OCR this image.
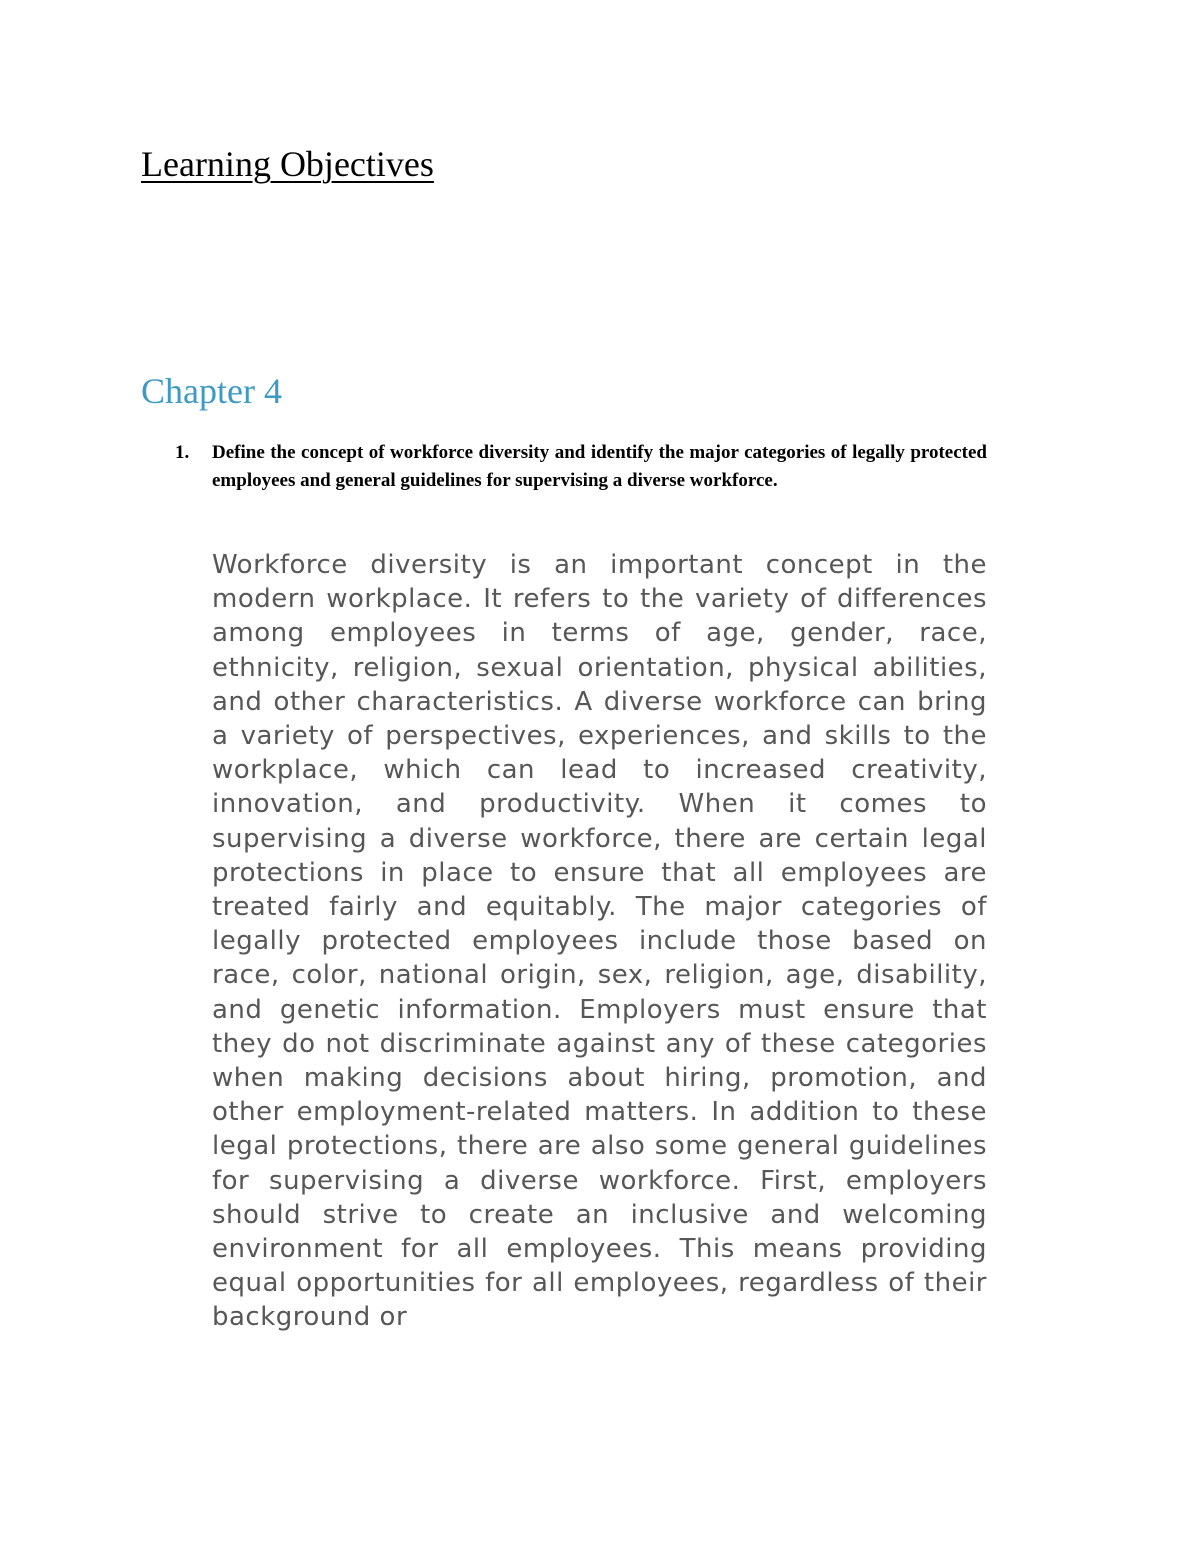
Learning Objectives
Chapter 4
1. Define the concept of workforce diversity and identify the major categories of legally protected employees and general guidelines for supervising a diverse workforce.

Workforce diversity is an important concept in the modern workplace. It refers to the variety of differences among employees in terms of age, gender, race, ethnicity, religion, sexual orientation, physical abilities, and other characteristics. A diverse workforce can bring a variety of perspectives, experiences, and skills to the workplace, which can lead to increased creativity, innovation, and productivity. When it comes to supervising a diverse workforce, there are certain legal protections in place to ensure that all employees are treated fairly and equitably. The major categories of legally protected employees include those based on race, color, national origin, sex, religion, age, disability, and genetic information. Employers must ensure that they do not discriminate against any of these categories when making decisions about hiring, promotion, and other employment-related matters. In addition to these legal protections, there are also some general guidelines for supervising a diverse workforce. First, employers should strive to create an inclusive and welcoming environment for all employees. This means providing equal opportunities for all employees, regardless of their background or
